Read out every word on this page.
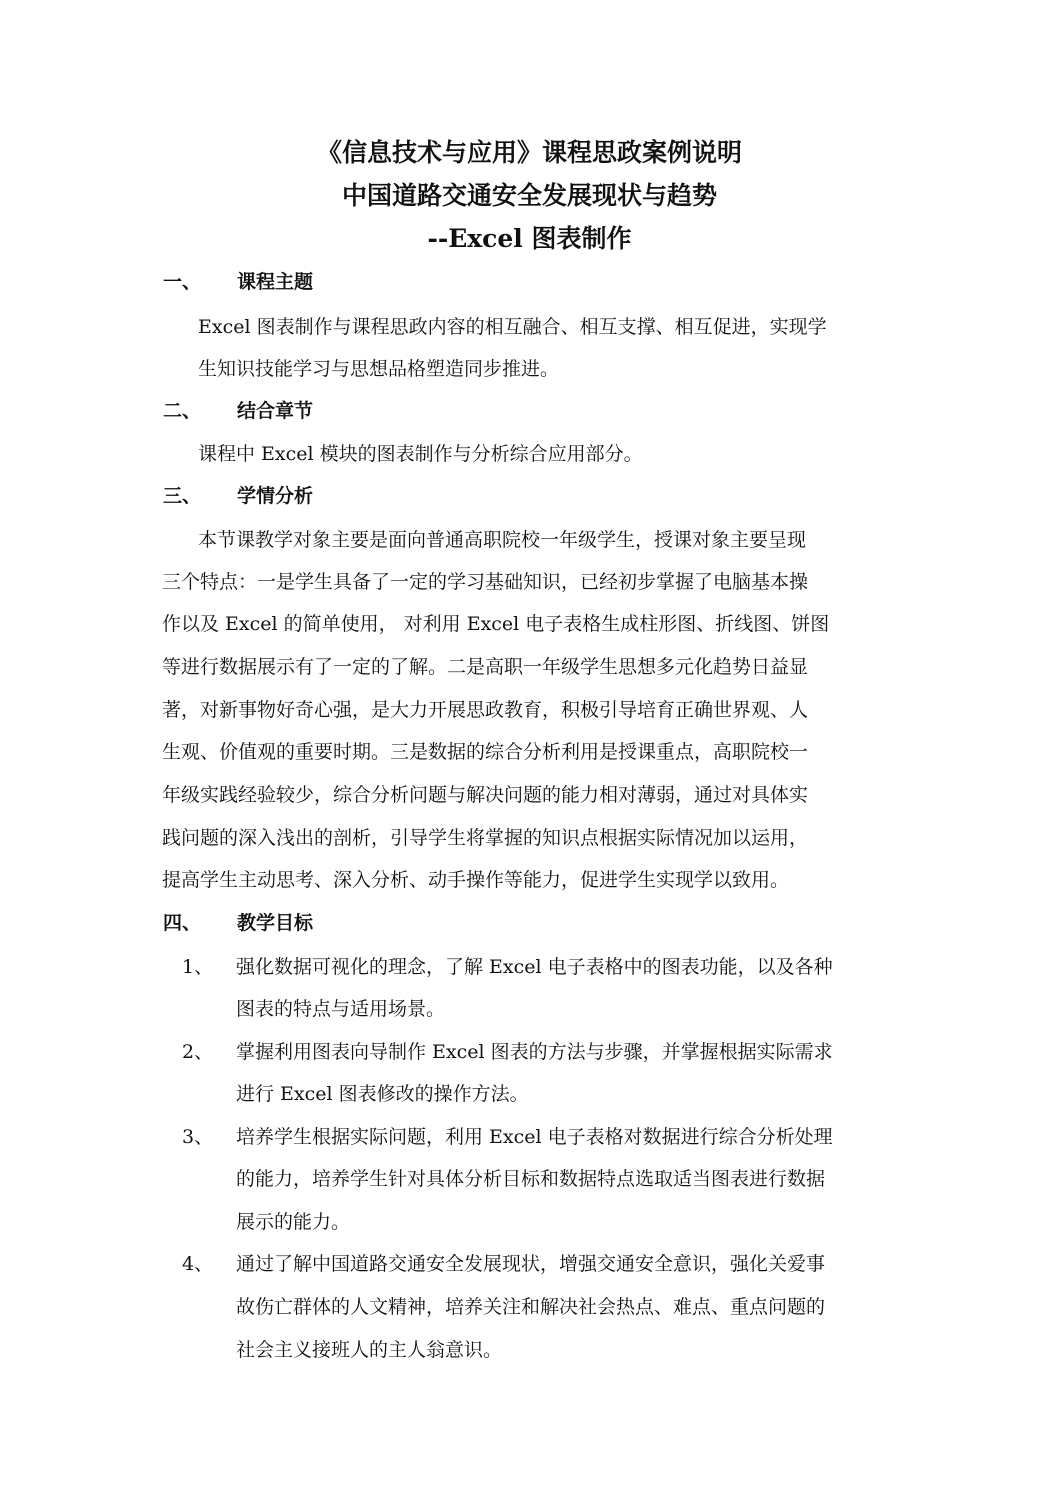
《信息技术与应用》课程思政案例说明
中国道路交通安全发展现状与趋势
--Excel 图表制作
一、 课程主题
Excel 图表制作与课程思政内容的相互融合、相互支撑、相互促进，实现学
生知识技能学习与思想品格塑造同步推进。
二、 结合章节
课程中 Excel 模块的图表制作与分析综合应用部分。
三、 学情分析
本节课教学对象主要是面向普通高职院校一年级学生，授课对象主要呈现
三个特点：一是学生具备了一定的学习基础知识，已经初步掌握了电脑基本操
作以及 Excel 的简单使用， 对利用 Excel 电子表格生成柱形图、折线图、饼图
等进行数据展示有了一定的了解。二是高职一年级学生思想多元化趋势日益显
著，对新事物好奇心强，是大力开展思政教育，积极引导培育正确世界观、人
生观、价值观的重要时期。三是数据的综合分析利用是授课重点，高职院校一
年级实践经验较少，综合分析问题与解决问题的能力相对薄弱，通过对具体实
践问题的深入浅出的剖析，引导学生将掌握的知识点根据实际情况加以运用，
提高学生主动思考、深入分析、动手操作等能力，促进学生实现学以致用。
四、 教学目标
1、 强化数据可视化的理念，了解 Excel 电子表格中的图表功能，以及各种
图表的特点与适用场景。
2、 掌握利用图表向导制作 Excel 图表的方法与步骤，并掌握根据实际需求
进行 Excel 图表修改的操作方法。
3、 培养学生根据实际问题，利用 Excel 电子表格对数据进行综合分析处理
的能力，培养学生针对具体分析目标和数据特点选取适当图表进行数据
展示的能力。
4、 通过了解中国道路交通安全发展现状，增强交通安全意识，强化关爱事
故伤亡群体的人文精神，培养关注和解决社会热点、难点、重点问题的
社会主义接班人的主人翁意识。
